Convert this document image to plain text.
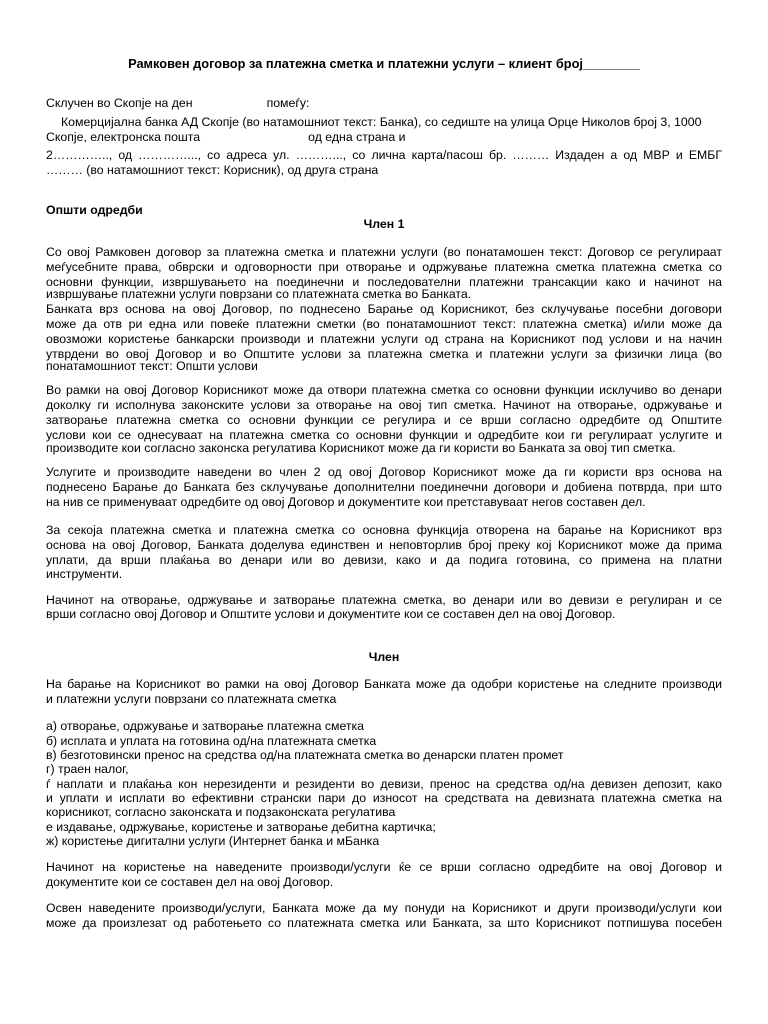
Рамковен договор за платежна сметка и платежни услуги – клиент број________
Склучен во Скопје на ден	помеѓу:
Комерцијална банка АД Скопје (во натамошниот текст: Банка), со седиште на улица Орце Николов број 3, 1000
Скопје, електронска пошта	од една страна и
2………….., од …………..., со адреса ул. ………..., со лична карта/пасош бр. ……… Издаден а од МВР и ЕМБГ
……… (во натамошниот текст: Корисник), од друга страна
Општи одредби
Член 1
Со овој Рамковен договор за платежна сметка и платежни услуги (во понатамошен текст: Договор се регулираат
меѓусебните права, обврски и одговорности при отворање и одржување платежна сметка платежна сметка со
основни функции, извршувањето на поединечни и последователни платежни трансакции како и начинот на
извршување платежни услуги поврзани со платежната сметка во Банката.
Банката врз основа на овој Договор, по поднесено Барање од Корисникот, без склучување посебни договори
може да отв ри една или повеќе платежни сметки (во понатамошниот текст: платежна сметка) и/или може да
овозможи користење банкарски производи и платежни услуги од страна на Корисникот под услови и на начин
утврдени во овој Договор и во Општите услови за платежна сметка и платежни услуги за физички лица (во
понатамошниот текст: Општи услови
Во рамки на овој Договор Корисникот може да отвори платежна сметка со основни функции исклучиво во денари
доколку ги исполнува законските услови за отворање на овој тип сметка. Начинот на отворање, одржување и
затворање платежна сметка со основни функции се регулира и се врши согласно одредбите од Општите
услови кои се однесуваат на платежна сметка со основни функции и одредбите кои ги регулираат услугите и
производите кои согласно законска регулатива Корисникот може да ги користи во Банката за овој тип сметка.
Услугите и производите наведени во член 2 од овој Договор Корисникот може да ги користи врз основа на
поднесено Барање до Банката без склучување дополнителни поединечни договори и добиена потврда, при што
на нив се применуваат одредбите од овој Договор и документите кои претставуваат негов составен дел.
За секоја платежна сметка и платежна сметка со основна функција отворена на барање на Корисникот врз
основа на овој Договор, Банката доделува единствен и неповторлив број преку кој Корисникот може да прима
уплати, да врши плаќања во денари или во девизи, како и да подига готовина, со примена на платни
инструменти.
Начинот на отворање, одржување и затворање платежна сметка, во денари или во девизи е регулиран и се
врши согласно овој Договор и Општите услови и документите кои се составен дел на овој Договор.
Член
На барање на Корисникот во рамки на овој Договор Банката може да одобри користење на следните производи
и платежни услуги поврзани со платежната сметка
а) отворање, одржување и затворање платежна сметка
б) исплата и уплата на готовина од/на платежната сметка
в) безготовински пренос на средства од/на платежната сметка во денарски платен промет
г) траен налог,
ѓ наплати и плаќања кон нерезиденти и резиденти во девизи, пренос на средства од/на девизен депозит, како
и уплати и исплати во ефективни странски пари до износот на средствата на девизната платежна сметка на
корисникот, согласно законската и подзаконската регулатива
е издавање, одржување, користење и затворање дебитна картичка;
ж) користење дигитални услуги (Интернет банка и мБанка
Начинот на користење на наведените производи/услуги ќе се врши согласно одредбите на овој Договор и
документите кои се составен дел на овој Договор.
Освен наведените производи/услуги, Банката може да му понуди на Корисникот и други производи/услуги кои
може да произлезат од работењето со платежната сметка или Банката, за што Корисникот потпишува посебен
